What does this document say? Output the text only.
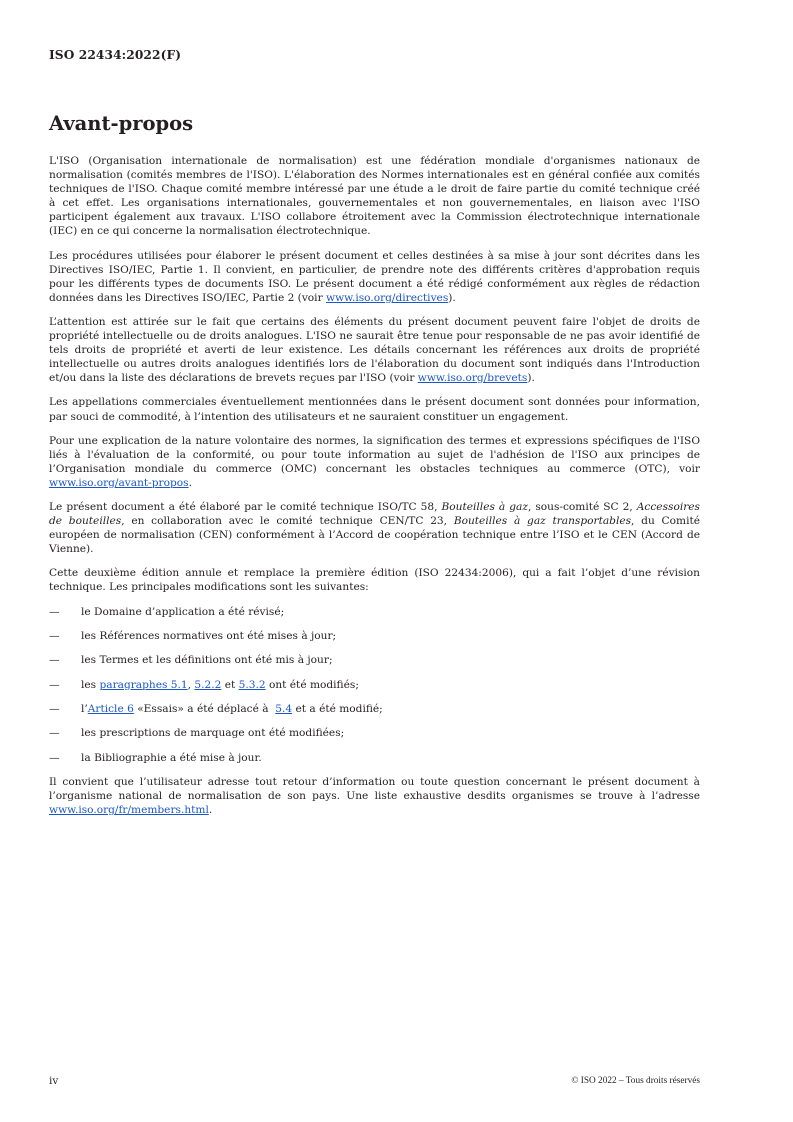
ISO 22434:2022(F)
Avant-propos

L'ISO (Organisation internationale de normalisation) est une fédération mondiale d'organismes nationaux de normalisation (comités membres de l'ISO). L'élaboration des Normes internationales est en général confiée aux comités techniques de l'ISO. Chaque comité membre intéressé par une étude a le droit de faire partie du comité technique créé à cet effet. Les organisations internationales, gouvernementales et non gouvernementales, en liaison avec l'ISO participent également aux travaux. L'ISO collabore étroitement avec la Commission électrotechnique internationale (IEC) en ce qui concerne la normalisation électrotechnique.

Les procédures utilisées pour élaborer le présent document et celles destinées à sa mise à jour sont décrites dans les Directives ISO/IEC, Partie 1. Il convient, en particulier, de prendre note des différents critères d'approbation requis pour les différents types de documents ISO. Le présent document a été rédigé conformément aux règles de rédaction données dans les Directives ISO/IEC, Partie 2 (voir www.iso.org/directives).

L’attention est attirée sur le fait que certains des éléments du présent document peuvent faire l'objet de droits de propriété intellectuelle ou de droits analogues. L'ISO ne saurait être tenue pour responsable de ne pas avoir identifié de tels droits de propriété et averti de leur existence. Les détails concernant les références aux droits de propriété intellectuelle ou autres droits analogues identifiés lors de l'élaboration du document sont indiqués dans l'Introduction et/ou dans la liste des déclarations de brevets reçues par l'ISO (voir www.iso.org/brevets).

Les appellations commerciales éventuellement mentionnées dans le présent document sont données pour information, par souci de commodité, à l’intention des utilisateurs et ne sauraient constituer un engagement.

Pour une explication de la nature volontaire des normes, la signification des termes et expressions spécifiques de l'ISO liés à l'évaluation de la conformité, ou pour toute information au sujet de l'adhésion de l'ISO aux principes de l’Organisation mondiale du commerce (OMC) concernant les obstacles techniques au commerce (OTC), voir www.iso.org/avant-propos.

Le présent document a été élaboré par le comité technique ISO/TC 58, Bouteilles à gaz, sous-comité SC 2, Accessoires de bouteilles, en collaboration avec le comité technique CEN/TC 23, Bouteilles à gaz transportables, du Comité européen de normalisation (CEN) conformément à l’Accord de coopération technique entre l’ISO et le CEN (Accord de Vienne).

Cette deuxième édition annule et remplace la première édition (ISO 22434:2006), qui a fait l’objet d’une révision technique. Les principales modifications sont les suivantes:

— le Domaine d’application a été révisé;
— les Références normatives ont été mises à jour;
— les Termes et les définitions ont été mis à jour;
— les paragraphes 5.1, 5.2.2 et 5.3.2 ont été modifiés;
— l’Article 6 «Essais» a été déplacé à  5.4 et a été modifié;
— les prescriptions de marquage ont été modifiées;
— la Bibliographie a été mise à jour.

Il convient que l’utilisateur adresse tout retour d’information ou toute question concernant le présent document à l’organisme national de normalisation de son pays. Une liste exhaustive desdits organismes se trouve à l’adresse www.iso.org/fr/members.html.

iv	© ISO 2022 – Tous droits réservés
